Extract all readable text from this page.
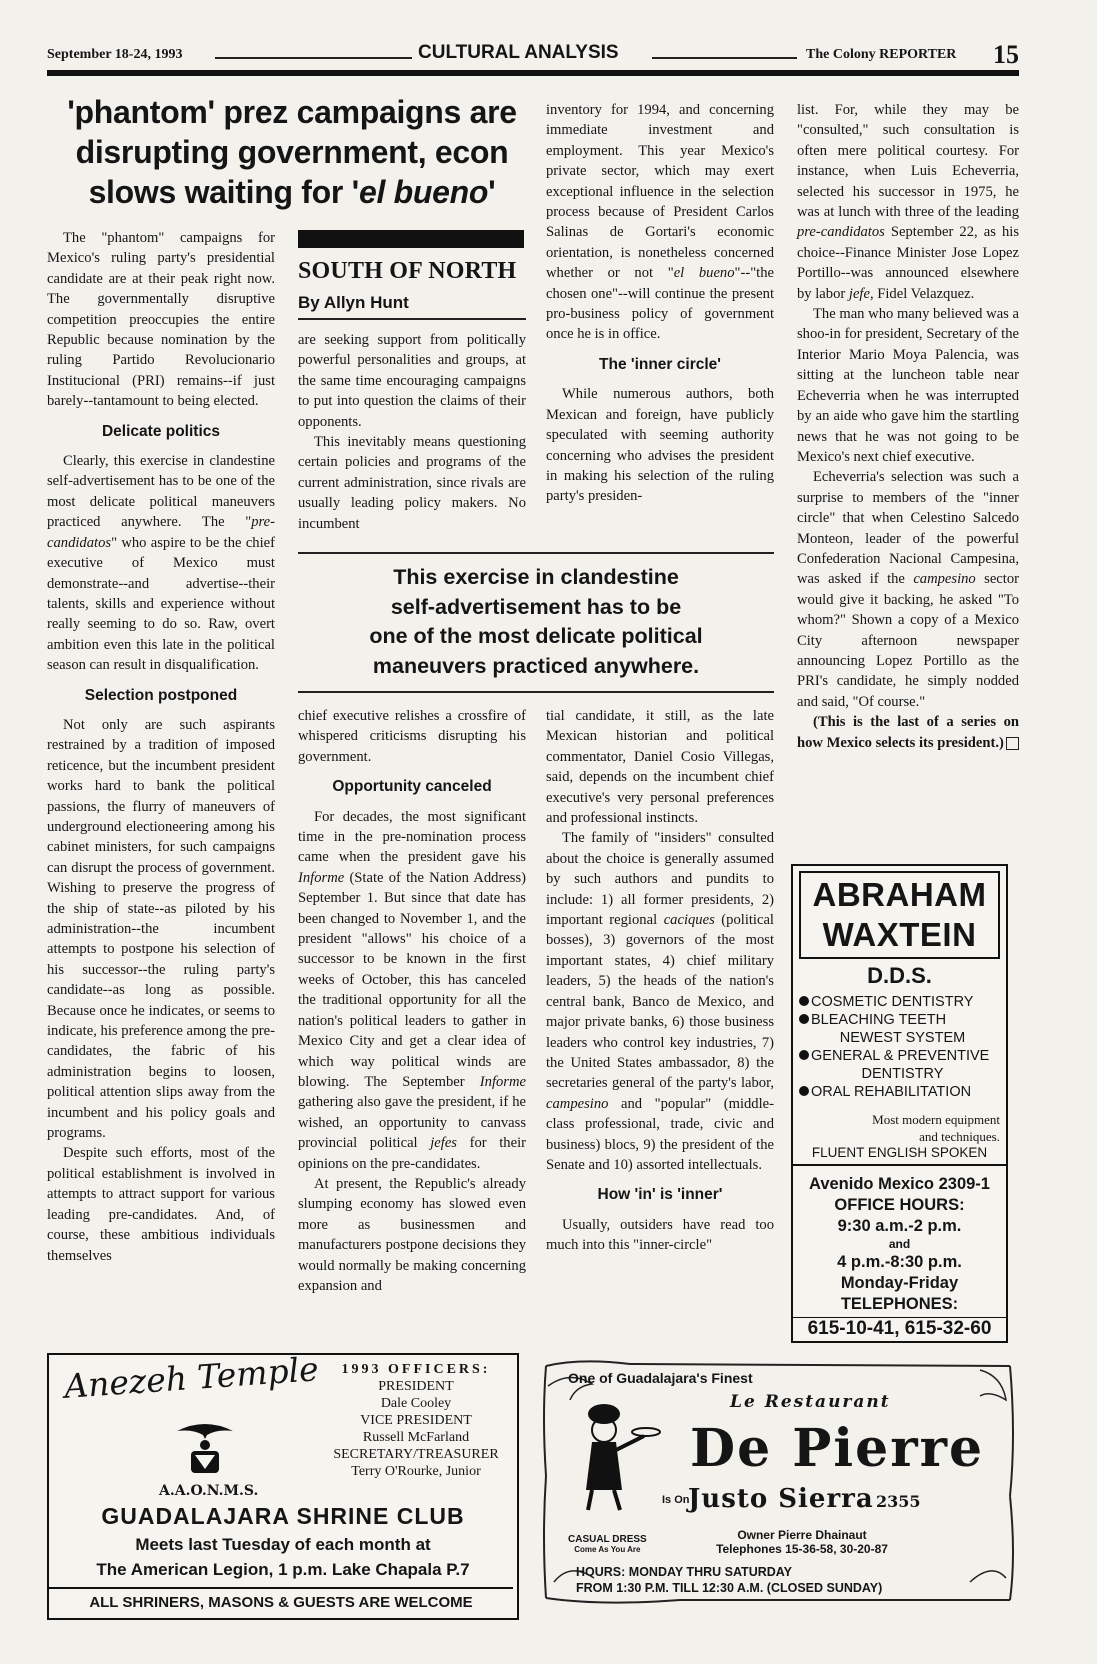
September 18-24, 1993	CULTURAL ANALYSIS	The Colony REPORTER 15
'phantom' prez campaigns are
disrupting government, econ
slows waiting for 'el bueno'
SOUTH OF NORTH
By Allyn Hunt

The "phantom" campaigns for Mexico's ruling party's presidential candidate are at their peak right now. The governmentally disruptive competition preoccupies the entire Republic because nomination by the ruling Partido Revolucionario Institucional (PRI) remains--if just barely--tantamount to being elected.

Delicate politics

Clearly, this exercise in clandestine self-advertisement has to be one of the most delicate political maneuvers practiced anywhere. The "pre-candidatos" who aspire to be the chief executive of Mexico must demonstrate--and advertise--their talents, skills and experience without really seeming to do so. Raw, overt ambition even this late in the political season can result in disqualification.

Selection postponed

Not only are such aspirants restrained by a tradition of imposed reticence, but the incumbent president works hard to bank the political passions, the flurry of maneuvers of underground electioneering among his cabinet ministers, for such campaigns can disrupt the process of government. Wishing to preserve the progress of the ship of state--as piloted by his administration--the incumbent attempts to postpone his selection of his successor--the ruling party's candidate--as long as possible. Because once he indicates, or seems to indicate, his preference among the pre-candidates, the fabric of his administration begins to loosen, political attention slips away from the incumbent and his policy goals and programs.

Despite such efforts, most of the political establishment is involved in attempts to attract support for various leading pre-candidates. And, of course, these ambitious individuals themselves

are seeking support from politically powerful personalities and groups, at the same time encouraging campaigns to put into question the claims of their opponents.

This inevitably means questioning certain policies and programs of the current administration, since rivals are usually leading policy makers. No incumbent

inventory for 1994, and concerning immediate investment and employment. This year Mexico's private sector, which may exert exceptional influence in the selection process because of President Carlos Salinas de Gortari's economic orientation, is nonetheless concerned whether or not "el bueno"--"the chosen one"--will continue the present pro-business policy of government once he is in office.

The 'inner circle'

While numerous authors, both Mexican and foreign, have publicly speculated with seeming authority concerning who advises the president in making his selection of the ruling party's presiden-

This exercise in clandestine
self-advertisement has to be
one of the most delicate political
maneuvers practiced anywhere.

chief executive relishes a crossfire of whispered criticisms disrupting his government.

Opportunity canceled

For decades, the most significant time in the pre-nomination process came when the president gave his Informe (State of the Nation Address) September 1. But since that date has been changed to November 1, and the president "allows" his choice of a successor to be known in the first weeks of October, this has canceled the traditional opportunity for all the nation's political leaders to gather in Mexico City and get a clear idea of which way political winds are blowing. The September Informe gathering also gave the president, if he wished, an opportunity to canvass provincial political jefes for their opinions on the pre-candidates.

At present, the Republic's already slumping economy has slowed even more as businessmen and manufacturers postpone decisions they would normally be making concerning expansion and

tial candidate, it still, as the late Mexican historian and political commentator, Daniel Cosio Villegas, said, depends on the incumbent chief executive's very personal preferences and professional instincts.

The family of "insiders" consulted about the choice is generally assumed by such authors and pundits to include: 1) all former presidents, 2) important regional caciques (political bosses), 3) governors of the most important states, 4) chief military leaders, 5) the heads of the nation's central bank, Banco de Mexico, and major private banks, 6) those business leaders who control key industries, 7) the United States ambassador, 8) the secretaries general of the party's labor, campesino and "popular" (middle-class professional, trade, civic and business) blocs, 9) the president of the Senate and 10) assorted intellectuals.

How 'in' is 'inner'

Usually, outsiders have read too much into this "inner-circle"

list. For, while they may be "consulted," such consultation is often mere political courtesy. For instance, when Luis Echeverria, selected his successor in 1975, he was at lunch with three of the leading pre-candidatos September 22, as his choice--Finance Minister Jose Lopez Portillo--was announced elsewhere by labor jefe, Fidel Velazquez.

The man who many believed was a shoo-in for president, Secretary of the Interior Mario Moya Palencia, was sitting at the luncheon table near Echeverria when he was interrupted by an aide who gave him the startling news that he was not going to be Mexico's next chief executive.

Echeverria's selection was such a surprise to members of the "inner circle" that when Celestino Salcedo Monteon, leader of the powerful Confederation Nacional Campesina, was asked if the campesino sector would give it backing, he asked "To whom?" Shown a copy of a Mexico City afternoon newspaper announcing Lopez Portillo as the PRI's candidate, he simply nodded and said, "Of course."

(This is the last of a series on how Mexico selects its president.)

ABRAHAM
WAXTEIN
D.D.S.
COSMETIC DENTISTRY
BLEACHING TEETH
NEWEST SYSTEM
GENERAL & PREVENTIVE
DENTISTRY
ORAL REHABILITATION
Most modern equipment
and techniques.
FLUENT ENGLISH SPOKEN
Avenido Mexico 2309-1
OFFICE HOURS:
9:30 a.m.-2 p.m.
and
4 p.m.-8:30 p.m.
Monday-Friday
TELEPHONES:
615-10-41, 615-32-60
Anezeh Temple
A.A.O.N.M.S.
1993 OFFICERS:
PRESIDENT
Dale Cooley
VICE PRESIDENT
Russell McFarland
SECRETARY/TREASURER
Terry O'Rourke, Junior
GUADALAJARA SHRINE CLUB
Meets last Tuesday of each month at
The American Legion, 1 p.m. Lake Chapala P.7
ALL SHRINERS, MASONS & GUESTS ARE WELCOME
One of Guadalajara's Finest
Le Restaurant
De Pierre
Is On
Justo Sierra 2355
CASUAL DRESS
Come As You Are
Owner Pierre Dhainaut
Telephones 15-36-58, 30-20-87
HOURS: MONDAY THRU SATURDAY
FROM 1:30 P.M. TILL 12:30 A.M. (CLOSED SUNDAY)
